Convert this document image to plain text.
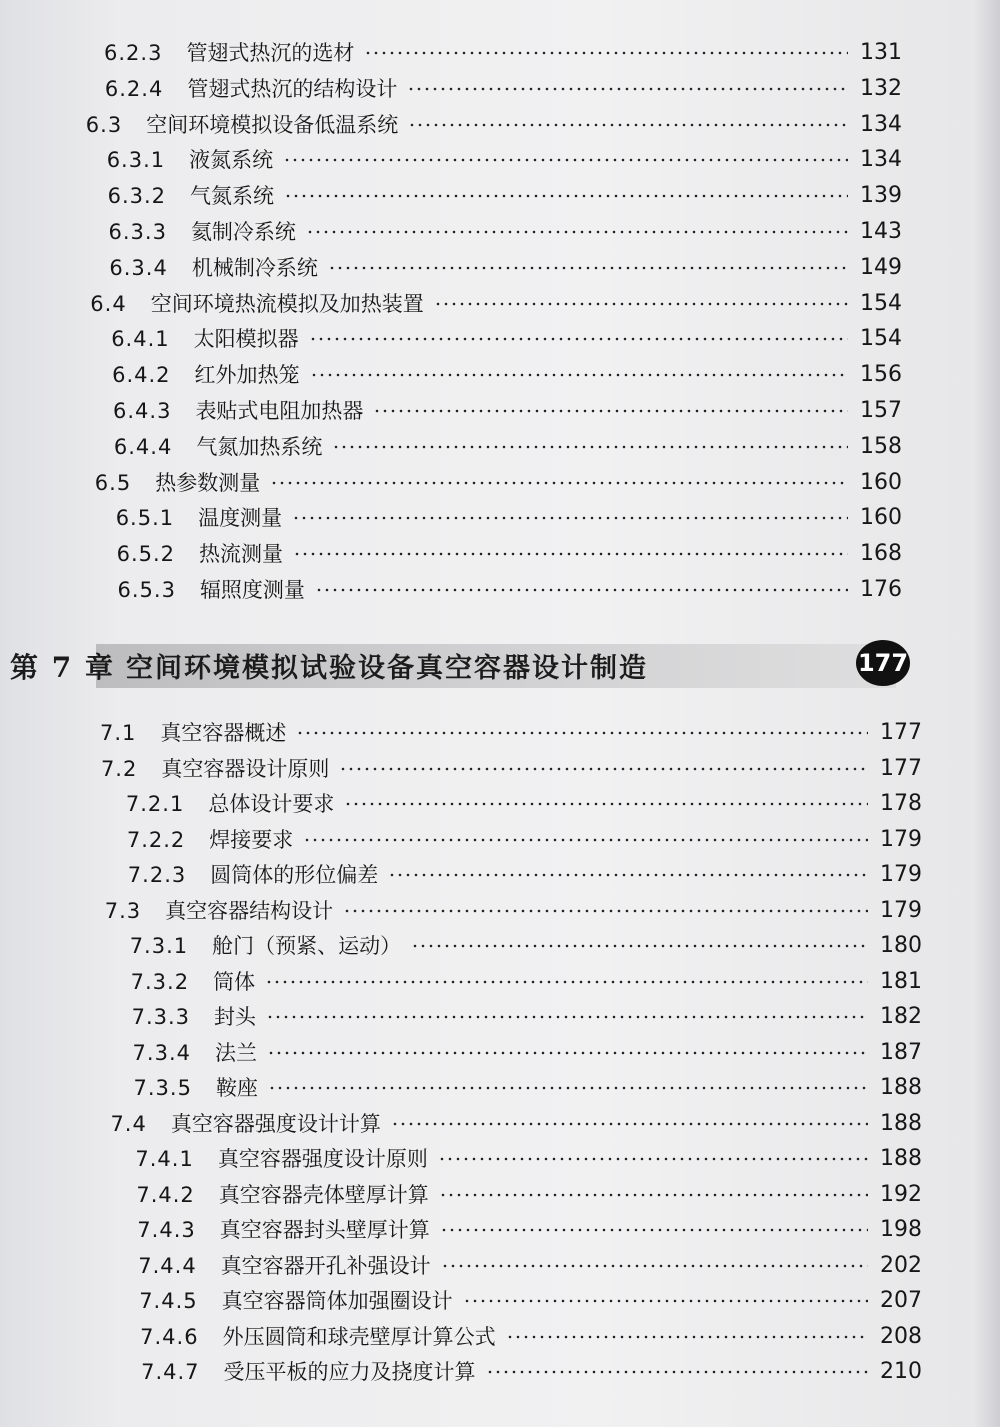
第 7 章 空间环境模拟试验设备真空容器设计制造	177
6.2.3 管翅式热沉的选材	131
6.2.4 管翅式热沉的结构设计	132
6.3 空间环境模拟设备低温系统	134
6.3.1 液氮系统	134
6.3.2 气氮系统	139
6.3.3 氦制冷系统	143
6.3.4 机械制冷系统	149
6.4 空间环境热流模拟及加热装置	154
6.4.1 太阳模拟器	154
6.4.2 红外加热笼	156
6.4.3 表贴式电阻加热器	157
6.4.4 气氮加热系统	158
6.5 热参数测量	160
6.5.1 温度测量	160
6.5.2 热流测量	168
6.5.3 辐照度测量	176
7.1 真空容器概述	177
7.2 真空容器设计原则	177
7.2.1 总体设计要求	178
7.2.2 焊接要求	179
7.2.3 圆筒体的形位偏差	179
7.3 真空容器结构设计	179
7.3.1 舱门（预紧、运动）	180
7.3.2 筒体	181
7.3.3 封头	182
7.3.4 法兰	187
7.3.5 鞍座	188
7.4 真空容器强度设计计算	188
7.4.1 真空容器强度设计原则	188
7.4.2 真空容器壳体壁厚计算	192
7.4.3 真空容器封头壁厚计算	198
7.4.4 真空容器开孔补强设计	202
7.4.5 真空容器筒体加强圈设计	207
7.4.6 外压圆筒和球壳壁厚计算公式	208
7.4.7 受压平板的应力及挠度计算	210
